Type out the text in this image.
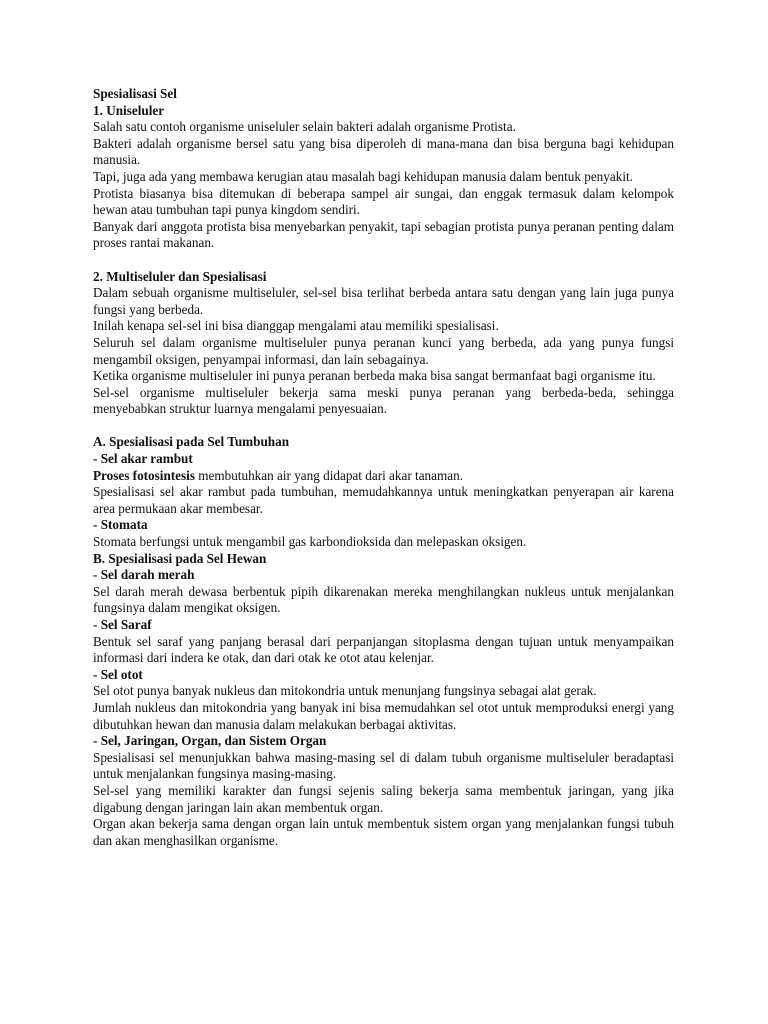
Spesialisasi Sel

1. Uniseluler

Salah satu contoh organisme uniseluler selain bakteri adalah organisme Protista.

Bakteri adalah organisme bersel satu yang bisa diperoleh di mana-mana dan bisa berguna bagi kehidupan manusia.

Tapi, juga ada yang membawa kerugian atau masalah bagi kehidupan manusia dalam bentuk penyakit.

Protista biasanya bisa ditemukan di beberapa sampel air sungai, dan enggak termasuk dalam kelompok hewan atau tumbuhan tapi punya kingdom sendiri.

Banyak dari anggota protista bisa menyebarkan penyakit, tapi sebagian protista punya peranan penting dalam proses rantai makanan.

2. Multiseluler dan Spesialisasi

Dalam sebuah organisme multiseluler, sel-sel bisa terlihat berbeda antara satu dengan yang lain juga punya fungsi yang berbeda.

Inilah kenapa sel-sel ini bisa dianggap mengalami atau memiliki spesialisasi.

Seluruh sel dalam organisme multiseluler punya peranan kunci yang berbeda, ada yang punya fungsi mengambil oksigen, penyampai informasi, dan lain sebagainya.

Ketika organisme multiseluler ini punya peranan berbeda maka bisa sangat bermanfaat bagi organisme itu.

Sel-sel organisme multiseluler bekerja sama meski punya peranan yang berbeda-beda, sehingga menyebabkan struktur luarnya mengalami penyesuaian.

A. Spesialisasi pada Sel Tumbuhan

- Sel akar rambut

Proses fotosintesis membutuhkan air yang didapat dari akar tanaman.

Spesialisasi sel akar rambut pada tumbuhan, memudahkannya untuk meningkatkan penyerapan air karena area permukaan akar membesar.

- Stomata

Stomata berfungsi untuk mengambil gas karbondioksida dan melepaskan oksigen.

B. Spesialisasi pada Sel Hewan

- Sel darah merah

Sel darah merah dewasa berbentuk pipih dikarenakan mereka menghilangkan nukleus untuk menjalankan fungsinya dalam mengikat oksigen.

- Sel Saraf

Bentuk sel saraf yang panjang berasal dari perpanjangan sitoplasma dengan tujuan untuk menyampaikan informasi dari indera ke otak, dan dari otak ke otot atau kelenjar.

- Sel otot

Sel otot punya banyak nukleus dan mitokondria untuk menunjang fungsinya sebagai alat gerak.

Jumlah nukleus dan mitokondria yang banyak ini bisa memudahkan sel otot untuk memproduksi energi yang dibutuhkan hewan dan manusia dalam melakukan berbagai aktivitas.

- Sel, Jaringan, Organ, dan Sistem Organ

Spesialisasi sel menunjukkan bahwa masing-masing sel di dalam tubuh organisme multiseluler beradaptasi untuk menjalankan fungsinya masing-masing.

Sel-sel yang memiliki karakter dan fungsi sejenis saling bekerja sama membentuk jaringan, yang jika digabung dengan jaringan lain akan membentuk organ.

Organ akan bekerja sama dengan organ lain untuk membentuk sistem organ yang menjalankan fungsi tubuh dan akan menghasilkan organisme.
